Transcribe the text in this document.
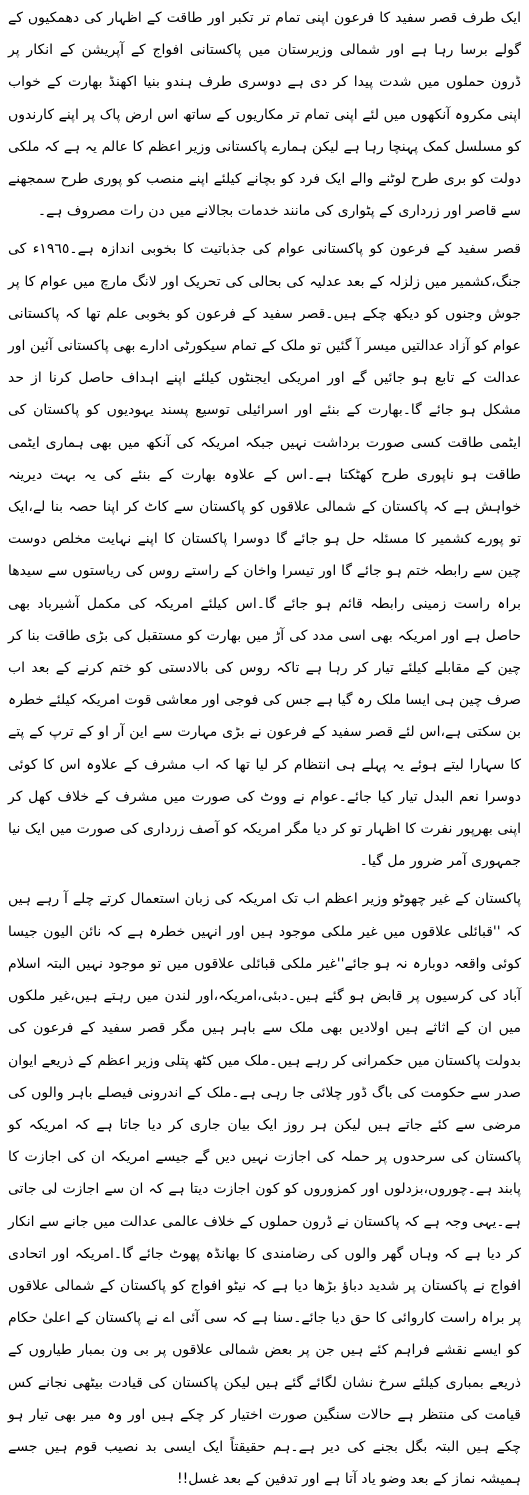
ایک طرف قصر سفید کا فرعون اپنی تمام تر تکبر اور طاقت کے اظہار کی دھمکیوں کے گولے برسا رہا ہے اور شمالی وزیرستان میں پاکستانی افواج کے آپریشن کے انکار پر ڈرون حملوں میں شدت پیدا کر دی ہے دوسری طرف ہندو بنیا اکھنڈ بھارت کے خواب اپنی مکروہ آنکھوں میں لئے اپنی تمام تر مکاریوں کے ساتھ اس ارض پاک پر اپنے کارندوں کو مسلسل کمک پہنچا رہا ہے لیکن ہمارے پاکستانی وزیر اعظم کا عالم یہ ہے کہ ملکی دولت کو بری طرح لوٹنے والے ایک فرد کو بچانے کیلئے اپنے منصب کو پوری طرح سمجھنے سے قاصر اور زرداری کے پٹواری کی مانند خدمات بجالانے میں دن رات مصروف ہے۔

قصر سفید کے فرعون کو پاکستانی عوام کی جذباتیت کا بخوبی اندازہ ہے۔١٩٦٥ء کی جنگ،کشمیر میں زلزلہ کے بعد عدلیہ کی بحالی کی تحریک اور لانگ مارچ میں عوام کا پر جوش وجنوں کو دیکھ چکے ہیں۔قصر سفید کے فرعون کو بخوبی علم تھا کہ پاکستانی عوام کو آزاد عدالتیں میسر آ گئیں تو ملک کے تمام سیکورٹی ادارے بھی پاکستانی آئین اور عدالت کے تابع ہو جائیں گے اور امریکی ایجنٹوں کیلئے اپنے اہداف حاصل کرنا از حد مشکل ہو جائے گا۔بھارت کے بنئے اور اسرائیلی توسیع پسند یہودیوں کو پاکستان کی ایٹمی طاقت کسی صورت برداشت نہیں جبکہ امریکہ کی آنکھ میں بھی ہماری ایٹمی طاقت ہو ناپوری طرح کھٹکتا ہے۔اس کے علاوہ بھارت کے بنئے کی یہ بہت دیرینہ خواہش ہے کہ پاکستان کے شمالی علاقوں کو پاکستان سے کاٹ کر اپنا حصہ بنا لے،ایک تو پورے کشمیر کا مسئلہ حل ہو جائے گا دوسرا پاکستان کا اپنے نہایت مخلص دوست چین سے رابطہ ختم ہو جائے گا اور تیسرا واخان کے راستے روس کی ریاستوں سے سیدھا براہ راست زمینی رابطہ قائم ہو جائے گا۔اس کیلئے امریکہ کی مکمل آشیرباد بھی حاصل ہے اور امریکہ بھی اسی مدد کی آڑ میں بھارت کو مستقبل کی بڑی طاقت بنا کر چین کے مقابلے کیلئے تیار کر رہا ہے تاکہ روس کی بالادستی کو ختم کرنے کے بعد اب صرف چین ہی ایسا ملک رہ گیا ہے جس کی فوجی اور معاشی قوت امریکہ کیلئے خطرہ بن سکتی ہے،اس لئے قصر سفید کے فرعون نے بڑی مہارت سے این آر او کے ترپ کے پتے کا سہارا لیتے ہوئے یہ پہلے ہی انتظام کر لیا تھا کہ اب مشرف کے علاوہ اس کا کوئی دوسرا نعم البدل تیار کیا جائے۔عوام نے ووٹ کی صورت میں مشرف کے خلاف کھل کر اپنی بھرپور نفرت کا اظہار تو کر دیا مگر امریکہ کو آصف زرداری کی صورت میں ایک نیا جمہوری آمر ضرور مل گیا۔

پاکستان کے غیر چھوٹو وزیر اعظم اب تک امریکہ کی زبان استعمال کرتے چلے آ رہے ہیں کہ ''قبائلی علاقوں میں غیر ملکی موجود ہیں اور انہیں خطرہ ہے کہ نائن الیون جیسا کوئی واقعہ دوبارہ نہ ہو جائے''غیر ملکی قبائلی علاقوں میں تو موجود نہیں البتہ اسلام آباد کی کرسیوں پر قابض ہو گئے ہیں۔دبئی،امریکہ،اور لندن میں رہتے ہیں،غیر ملکوں میں ان کے اثاثے ہیں اولادیں بھی ملک سے باہر ہیں مگر قصر سفید کے فرعون کی بدولت پاکستان میں حکمرانی کر رہے ہیں۔ملک میں کٹھ پتلی وزیر اعظم کے ذریعے ایوان صدر سے حکومت کی باگ ڈور چلائی جا رہی ہے۔ملک کے اندرونی فیصلے باہر والوں کی مرضی سے کئے جاتے ہیں لیکن ہر روز ایک بیان جاری کر دیا جاتا ہے کہ امریکہ کو پاکستان کی سرحدوں پر حملہ کی اجازت نہیں دیں گے جیسے امریکہ ان کی اجازت کا پابند ہے۔چوروں،بزدلوں اور کمزوروں کو کون اجازت دیتا ہے کہ ان سے اجازت لی جاتی ہے۔یہی وجہ ہے کہ پاکستان نے ڈرون حملوں کے خلاف عالمی عدالت میں جانے سے انکار کر دیا ہے کہ وہاں گھر والوں کی رضامندی کا بھانڈہ پھوٹ جائے گا۔امریکہ اور اتحادی افواج نے پاکستان پر شدید دباؤ بڑھا دیا ہے کہ نیٹو افواج کو پاکستان کے شمالی علاقوں پر براہ راست کاروائی کا حق دیا جائے۔سنا ہے کہ سی آئی اے نے پاکستان کے اعلیٰ حکام کو ایسے نقشے فراہم کئے ہیں جن پر بعض شمالی علاقوں پر بی ون بمبار طیاروں کے ذریعے بمباری کیلئے سرخ نشان لگائے گئے ہیں لیکن پاکستان کی قیادت بیٹھی نجانے کس قیامت کی منتظر ہے حالات سنگین صورت اختیار کر چکے ہیں اور وہ میر بھی تیار ہو چکے ہیں البتہ بگل بجنے کی دیر ہے۔ہم حقیقتاً ایک ایسی بد نصیب قوم ہیں جسے ہمیشہ نماز کے بعد وضو یاد آتا ہے اور تدفین کے بعد غسل!!
